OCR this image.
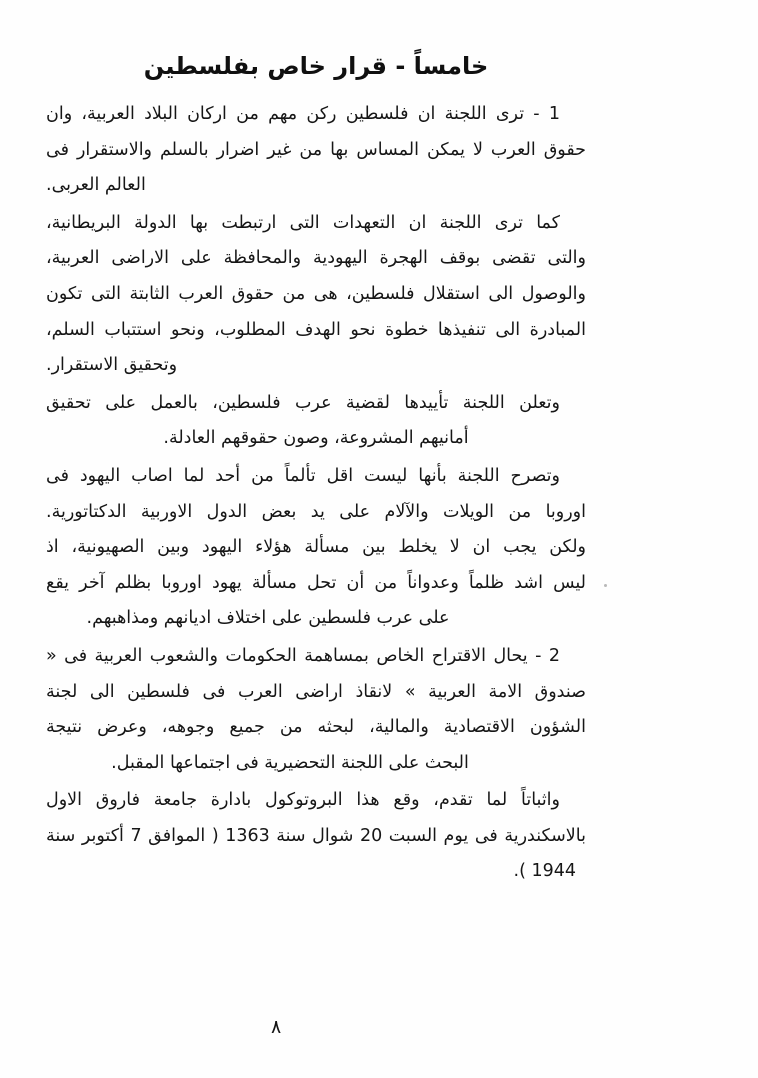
خامساً - قرار خاص بفلسطين
1 - ترى اللجنة ان فلسطين ركن مهم من اركان البلاد العربية، وان
حقوق العرب لا يمكن المساس بها من غير اضرار بالسلم والاستقرار فى
العالم العربى.
كما ترى اللجنة ان التعهدات التى ارتبطت بها الدولة البريطانية،
والتى تقضى بوقف الهجرة اليهودية والمحافظة على الاراضى العربية،
والوصول الى استقلال فلسطين، هى من حقوق العرب الثابتة التى تكون
المبادرة الى تنفيذها خطوة نحو الهدف المطلوب، ونحو استتباب السلم،
وتحقيق الاستقرار.
وتعلن اللجنة تأييدها لقضية عرب فلسطين، بالعمل على تحقيق
أمانيهم المشروعة، وصون حقوقهم العادلة.
وتصرح اللجنة بأنها ليست اقل تألماً من أحد لما اصاب اليهود فى
اوروبا من الويلات والآلام على يد بعض الدول الاوربية الدكتاتورية.
ولكن يجب ان لا يخلط بين مسألة هؤلاء اليهود وبين الصهيونية، اذ
ليس اشد ظلماً وعدواناً من أن تحل مسألة يهود اوروبا بظلم آخر يقع
على عرب فلسطين على اختلاف اديانهم ومذاهبهم.
2 - يحال الاقتراح الخاص بمساهمة الحكومات والشعوب العربية فى «
صندوق الامة العربية » لانقاذ اراضى العرب فى فلسطين الى لجنة
الشؤون الاقتصادية والمالية، لبحثه من جميع وجوهه، وعرض نتيجة
البحث على اللجنة التحضيرية فى اجتماعها المقبل.
واثباتاً لما تقدم، وقع هذا البروتوكول بادارة جامعة فاروق الاول
بالاسكندرية فى يوم السبت 20 شوال سنة 1363 ( الموافق 7 أكتوبر سنة
1944 ).
٨
